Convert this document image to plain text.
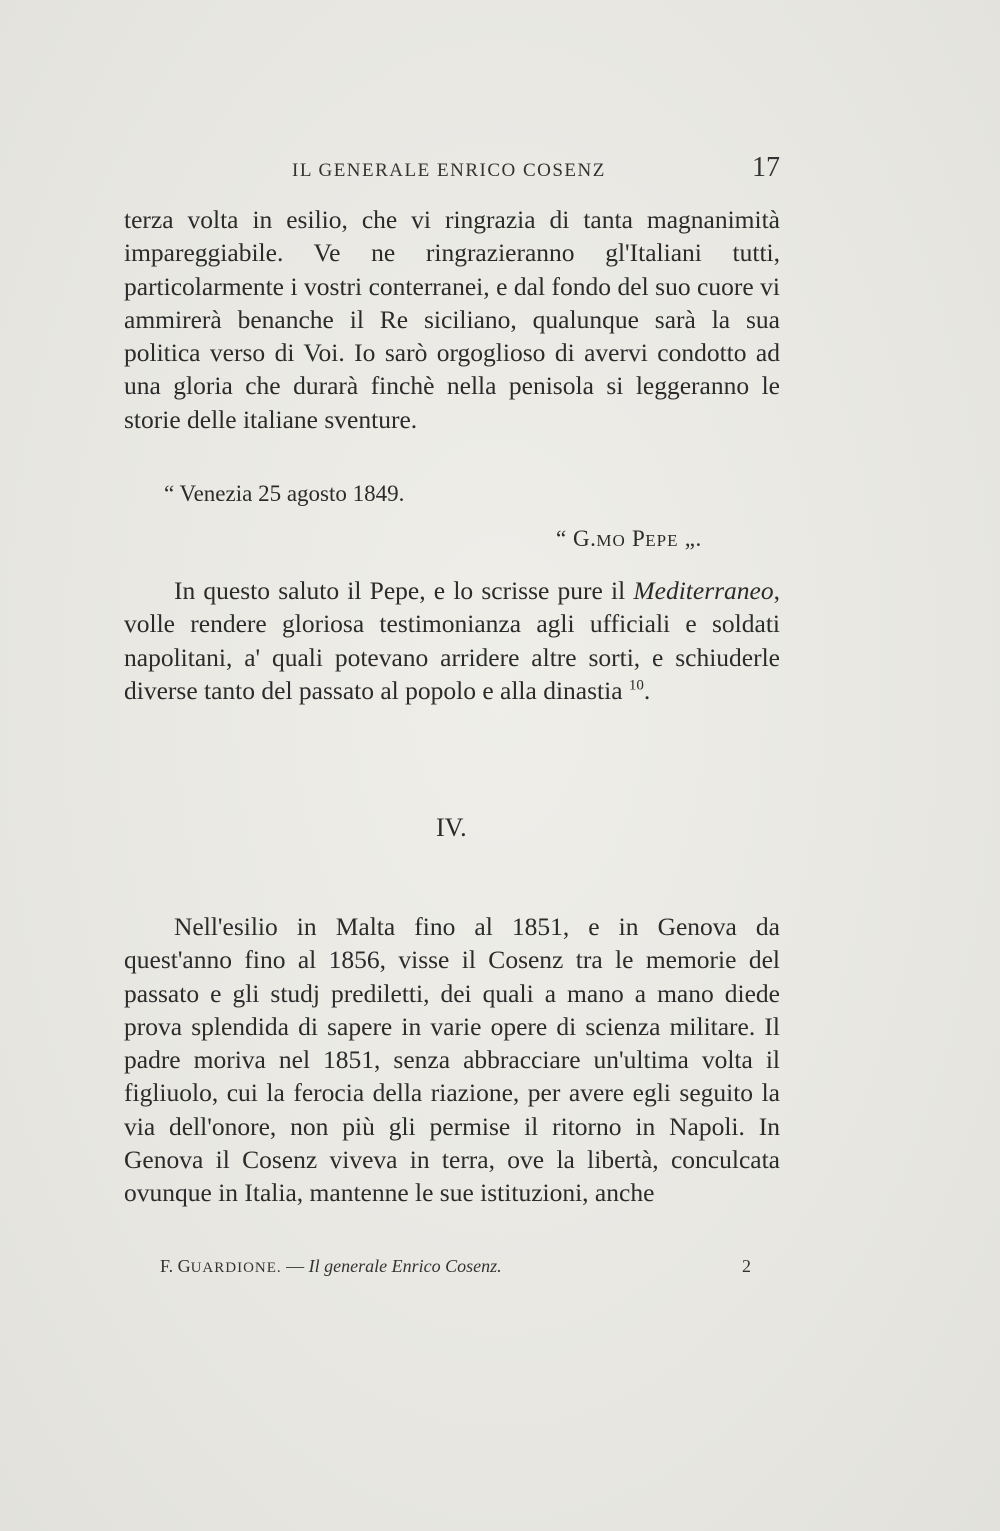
IL GENERALE ENRICO COSENZ	17

terza volta in esilio, che vi ringrazia di tanta magnanimità impareggiabile. Ve ne ringrazieranno gl'Italiani tutti, particolarmente i vostri conterranei, e dal fondo del suo cuore vi ammirerà benanche il Re siciliano, qualunque sarà la sua politica verso di Voi. Io sarò orgoglioso di avervi condotto ad una gloria che durarà finchè nella penisola si leggeranno le storie delle italiane sventure.

“ Venezia 25 agosto 1849.
“ G.MO PEPE „.

In questo saluto il Pepe, e lo scrisse pure il Mediterraneo, volle rendere gloriosa testimonianza agli ufficiali e soldati napolitani, a' quali potevano arridere altre sorti, e schiuderle diverse tanto del passato al popolo e alla dinastia $^{10}$.

IV.

Nell'esilio in Malta fino al 1851, e in Genova da quest'anno fino al 1856, visse il Cosenz tra le memorie del passato e gli studj prediletti, dei quali a mano a mano diede prova splendida di sapere in varie opere di scienza militare. Il padre moriva nel 1851, senza abbracciare un'ultima volta il figliuolo, cui la ferocia della riazione, per avere egli seguito la via dell'onore, non più gli permise il ritorno in Napoli. In Genova il Cosenz viveva in terra, ove la libertà, conculcata ovunque in Italia, mantenne le sue istituzioni, anche

F. GUARDIONE. — Il generale Enrico Cosenz.	2
